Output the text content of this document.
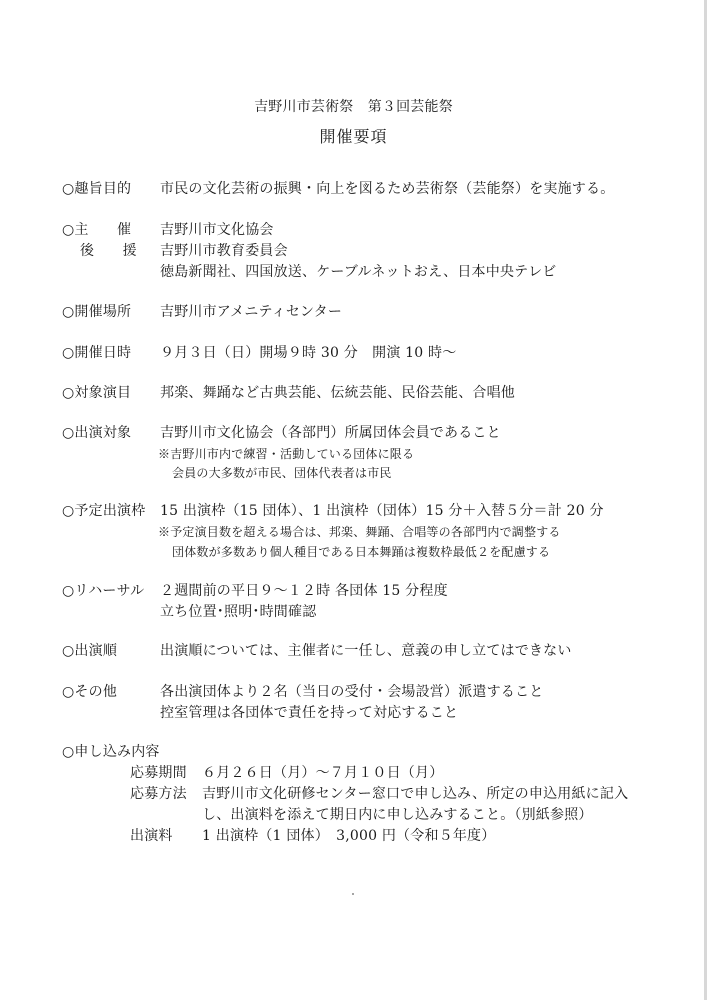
吉野川市芸術祭　第３回芸能祭
開催要項
○趣旨目的 市民の文化芸術の振興・向上を図るため芸術祭（芸能祭）を実施する。
○主　　催 吉野川市文化協会
後　　援 吉野川市教育委員会
徳島新聞社、四国放送、ケーブルネットおえ、日本中央テレビ
○開催場所 吉野川市アメニティセンター
○開催日時 ９月３日（日）開場９時 30 分　開演 10 時〜
○対象演目 邦楽、舞踊など古典芸能、伝統芸能、民俗芸能、合唱他
○出演対象 吉野川市文化協会（各部門）所属団体会員であること
※吉野川市内で練習・活動している団体に限る
会員の大多数が市民、団体代表者は市民
○予定出演枠 15 出演枠（15 団体）、1 出演枠（団体）15 分＋入替５分＝計 20 分
※予定演目数を超える場合は、邦楽、舞踊、合唱等の各部門内で調整する
団体数が多数あり個人種目である日本舞踊は複数枠最低２を配慮する
○リハーサル ２週間前の平日９〜１２時 各団体 15 分程度
立ち位置･照明･時間確認
○出演順	出演順については、主催者に一任し、意義の申し立てはできない
○その他	各出演団体より２名（当日の受付・会場設営）派遣すること
控室管理は各団体で責任を持って対応すること
○申し込み内容
応募期間 ６月２６日（月）〜７月１０日（月）
応募方法 吉野川市文化研修センター窓口で申し込み、所定の申込用紙に記入
し、出演料を添えて期日内に申し込みすること。（別紙参照）
出演料 1 出演枠（1 団体）　3,000 円（令和５年度）
